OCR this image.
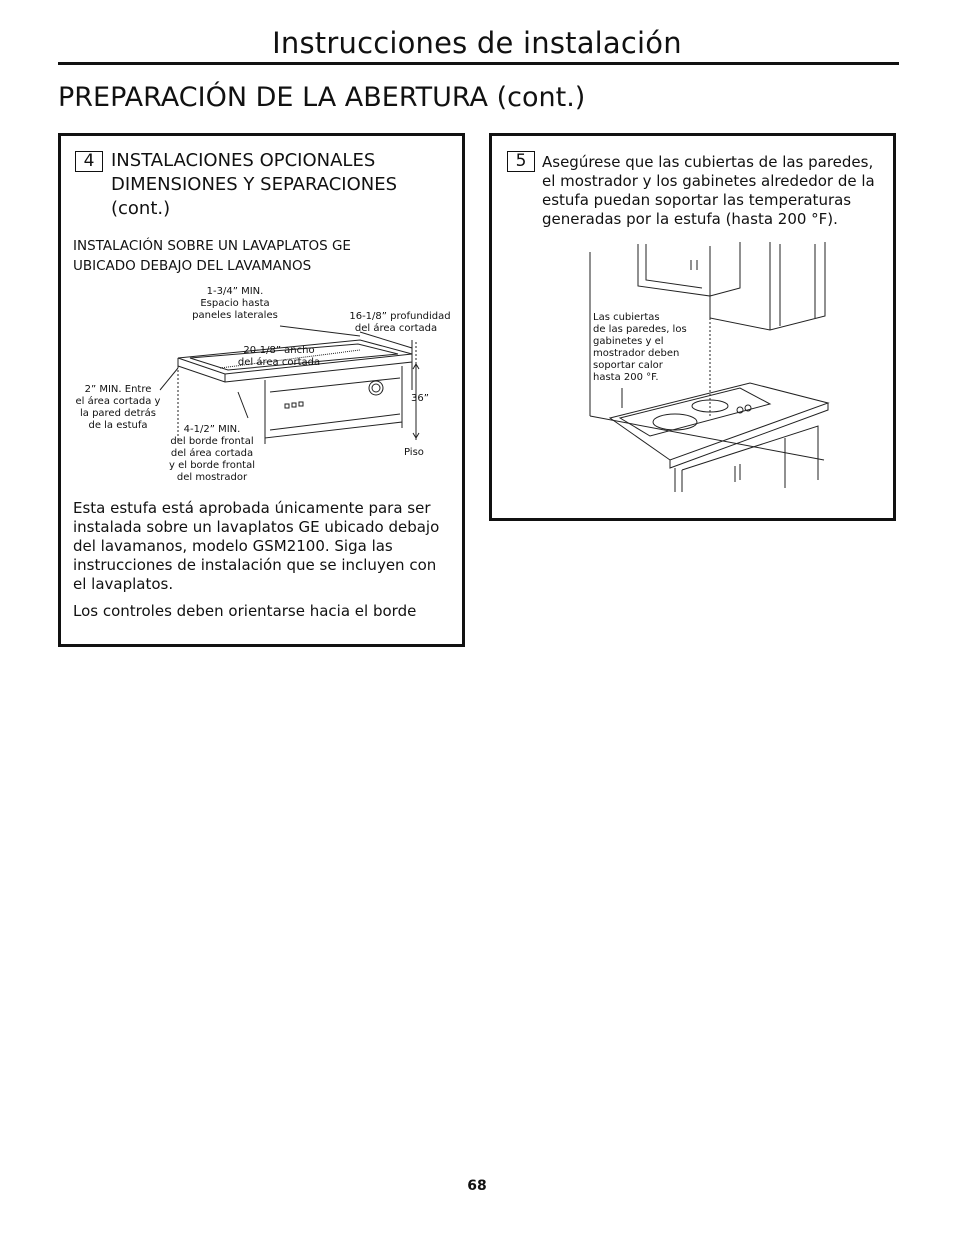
Instrucciones de instalación
PREPARACIÓN DE LA ABERTURA (cont.)
4 INSTALACIONES OPCIONALES
DIMENSIONES Y SEPARACIONES
(cont.)
INSTALACIÓN SOBRE UN LAVAPLATOS GE
UBICADO DEBAJO DEL LAVAMANOS
1-3/4” MIN.
Espacio hasta
paneles laterales	16-1/8” profundidad
del área cortada
20-1/8” ancho
del área cortada
2” MIN. Entre
el área cortada y
la pared detrás
de la estufa	4-1/2” MIN.
del borde frontal
del área cortada
y el borde frontal
del mostrador
36”
Piso
Esta estufa está aprobada únicamente para ser
instalada sobre un lavaplatos GE ubicado debajo
del lavamanos, modelo GSM2100. Siga las
instrucciones de instalación que se incluyen con
el lavaplatos.
Los controles deben orientarse hacia el borde
5	Asegúrese que las cubiertas de las paredes,
el mostrador y los gabinetes alrededor de la
estufa puedan soportar las temperaturas
generadas por la estufa (hasta 200 °F).
Las cubiertas
de las paredes, los
gabinetes y el
mostrador deben
soportar calor
hasta 200 °F.
68
